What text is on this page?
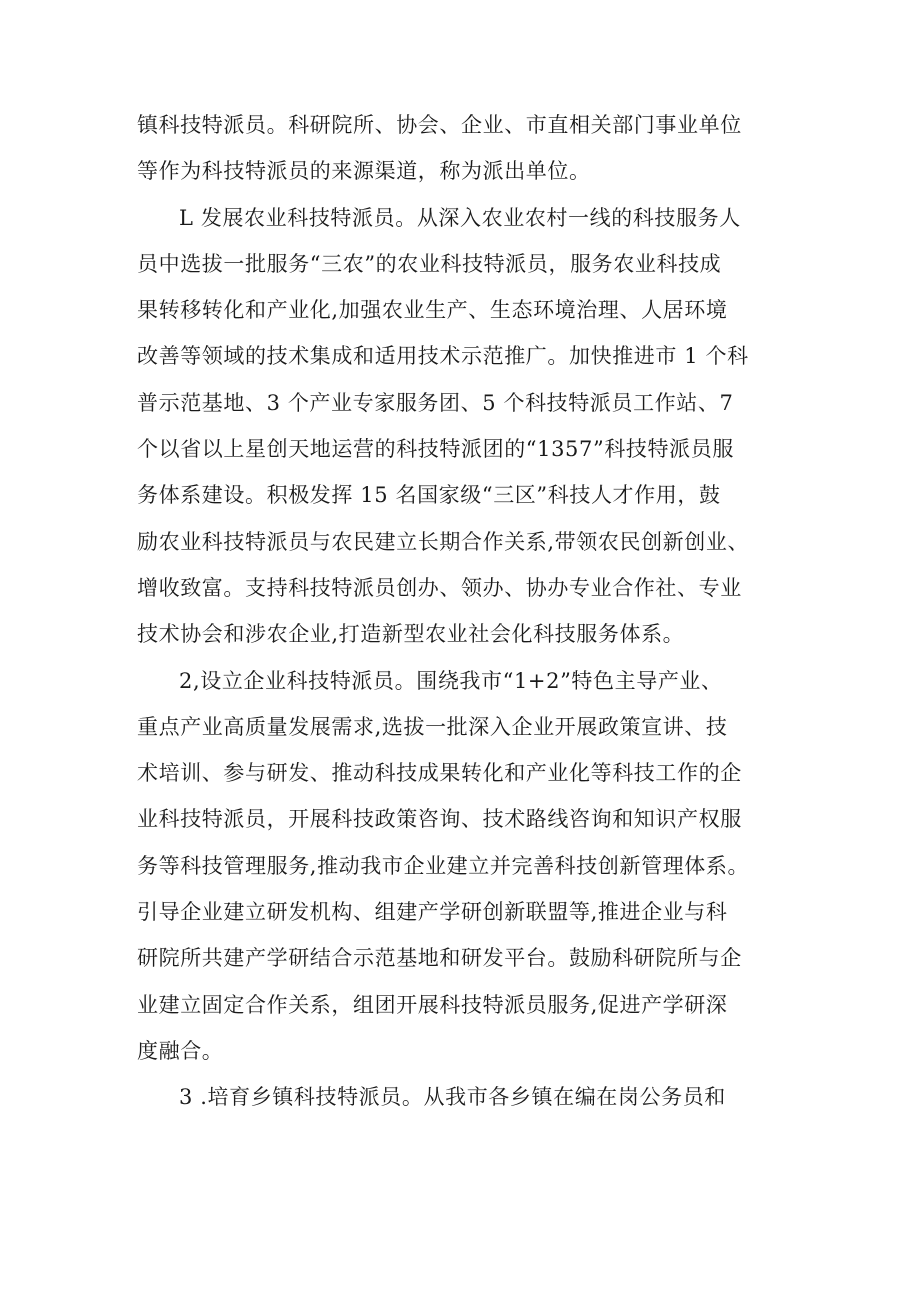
镇科技特派员。科研院所、协会、企业、市直相关部门事业单位
等作为科技特派员的来源渠道，称为派出单位。
L 发展农业科技特派员。从深入农业农村一线的科技服务人
员中选拔一批服务“三农”的农业科技特派员，服务农业科技成
果转移转化和产业化,加强农业生产、生态环境治理、人居环境
改善等领域的技术集成和适用技术示范推广。加快推进市 1 个科
普示范基地、3 个产业专家服务团、5 个科技特派员工作站、7
个以省以上星创天地运营的科技特派团的“1357”科技特派员服
务体系建设。积极发挥 15 名国家级“三区”科技人才作用，鼓
励农业科技特派员与农民建立长期合作关系,带领农民创新创业、
增收致富。支持科技特派员创办、领办、协办专业合作社、专业
技术协会和涉农企业,打造新型农业社会化科技服务体系。
2,设立企业科技特派员。围绕我市“1+2”特色主导产业、
重点产业高质量发展需求,选拔一批深入企业开展政策宣讲、技
术培训、参与研发、推动科技成果转化和产业化等科技工作的企
业科技特派员，开展科技政策咨询、技术路线咨询和知识产权服
务等科技管理服务,推动我市企业建立并完善科技创新管理体系。
引导企业建立研发机构、组建产学研创新联盟等,推进企业与科
研院所共建产学研结合示范基地和研发平台。鼓励科研院所与企
业建立固定合作关系，组团开展科技特派员服务,促进产学研深
度融合。
3 .培育乡镇科技特派员。从我市各乡镇在编在岗公务员和
